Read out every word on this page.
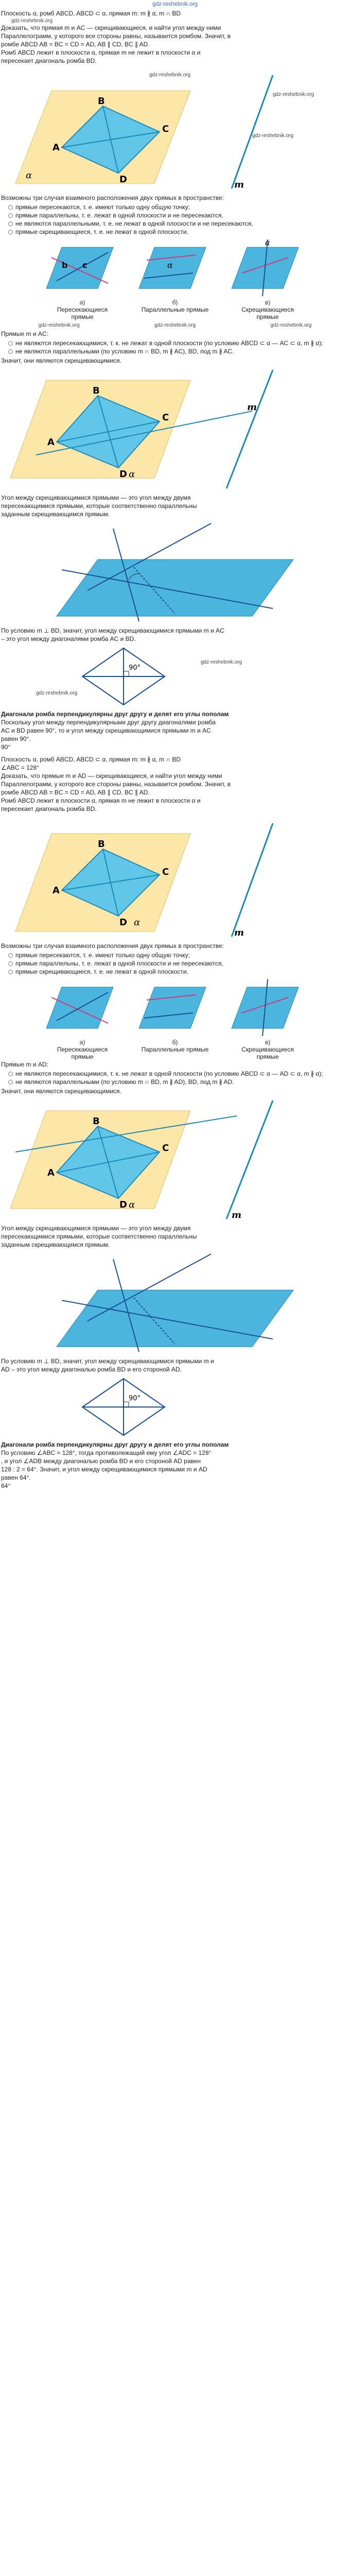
gdz-reshebnik.org

Плоскость α, ромб ABCD, ABCD ⊂ α, прямая m: m ∦ α, m ∩ BD

gdz-reshebnik.org

Доказать, что прямая m и AC — скрещивающиеся, и найти угол между ними

Параллелограмм, у которого все стороны равны, называется ромбом. Значит, в

ромбе ABCD AB = BC = CD = AD, AB ∥ CD, BC ∥ AD.

Ромб ABCD лежит в плоскости α, прямая m не лежит в плоскости α и

пересекает диагональ ромба BD.

B
C
D
A
α
m
gdz-reshebnik.org
gdz-reshebnik.org
gdz-reshebnik.org

Возможны три случая взаимного расположения двух прямых в пространстве:

прямые пересекаются, т. е. имеют только одну общую точку;
прямые параллельны, т. е. лежат в одной плоскости и не пересекаются,
не являются параллельными, т. е. не лежат в одной плоскости и не пересекаются,
прямые скрещивающиеся, т. е. не лежат в одной плоскости.
b c	α
a
а)	б)	в)
Пересекающиеся прямые
Параллельные прямые	Скрещивающиеся прямые
gdz-reshebnik.org	gdz-reshebnik.org	gdz-reshebnik.org

Прямые m и AC:

не являются пересекающимися, т. к. не лежат в одной плоскости (по условию ABCD ⊂ α — AC ⊂ α, m ∦ α);
не являются параллельными (по условию m ∩ BD, m ∦ AC), BD, под m ∦ AC.

Значит, они являются скрещивающимися.

B
C
D
A
α
m

Угол между скрещивающимися прямыми — это угол между двумя

пересекающимися прямыми, которые соответственно параллельны

заданным скрещивающимся прямым.

По условию m ⊥ BD, значит, угол между скрещивающимися прямыми m и AC

– это угол между диагоналями ромба AC и BD.

90°
gdz-reshebnik.org
gdz-reshebnik.org

Диагонали ромба перпендикулярны друг другу и делят его углы пополам

Поскольку угол между перпендикулярными друг другу диагоналями ромба

AC и BD равен 90°, то и угол между скрещивающимися прямыми m и AC

равен 90°.

90°

Плоскость α, ромб ABCD, ABCD ⊂ α, прямая m: m ∦ α, m ∩ BD

∠ABC = 128°

Доказать, что прямые m и AD — скрещивающиеся, и найти угол между ними

Параллелограмм, у которого все стороны равны, называется ромбом. Значит, в

ромбе ABCD AB = BC = CD = AD, AB ∥ CD, BC ∥ AD.

Ромб ABCD лежит в плоскости α, прямая m не лежит в плоскости α и

пересекает диагональ ромба BD.

B
C
D
A
α
m

Возможны три случая взаимного расположения двух прямых в пространстве:

прямые пересекаются, т. е. имеют только одну общую точку;
прямые параллельны, т. е. лежат в одной плоскости и не пересекаются,
прямые скрещивающиеся, т. е. не лежат в одной плоскости.
а)	б)	в)
Пересекающиеся прямые
Параллельные прямые	Скрещивающиеся прямые

Прямые m и AD:

не являются пересекающимися, т. к. не лежат в одной плоскости (по условию ABCD ⊂ α — AD ⊂ α, m ∦ α);
не являются параллельными (по условию m ∩ BD, m ∦ AD), BD, под m ∦ AD.

Значит, они являются скрещивающимися.

B
C
D
A
α
m

Угол между скрещивающимися прямыми — это угол между двумя

пересекающимися прямыми, которые соответственно параллельны

заданным скрещивающимся прямым.

По условию m ⊥ BD, значит, угол между скрещивающимися прямыми m и

AD – это угол между диагональю ромба BD и его стороной AD.

90°

Диагонали ромба перпендикулярны друг другу и делят его углы пополам

По условию ∠ABC = 128°, тогда противолежащий ему угол ∠ADC = 128°

, и угол ∠ADB между диагональю ромба BD и его стороной AD равен

128 : 2 = 64°. Значит, и угол между скрещивающимися прямыми m и AD

равен 64°.

64°
